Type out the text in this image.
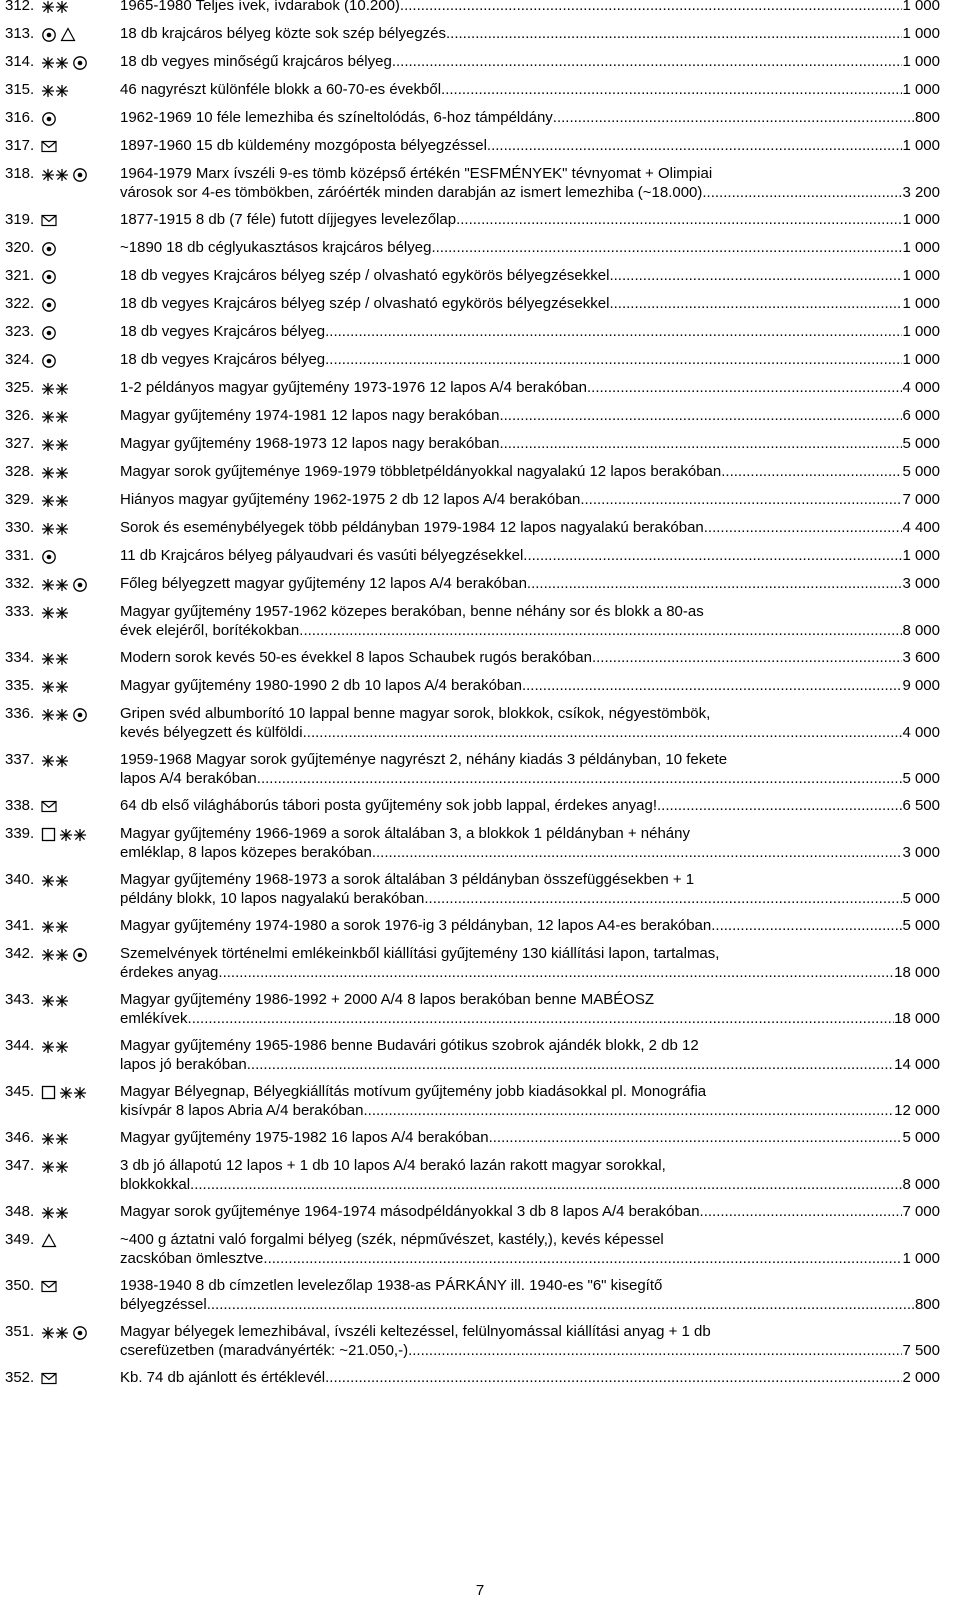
312.	1965-1980 Teljes ívek, ívdarabok (10.200) .....	1 000
313.	18 db krajcáros bélyeg közte sok szép bélyegzés .....	1 000
314.	18 db vegyes minőségű krajcáros bélyeg .....	1 000
315.	46 nagyrészt különféle blokk a 60-70-es évekből .....	1 000
316.	1962-1969 10 féle lemezhiba és színeltolódás, 6-hoz támpéldány .....	800
317.	1897-1960 15 db küldemény mozgóposta bélyegzéssel .....	1 000
318.	1964-1979 Marx ívszéli 9-es tömb középső értékén "ESFMÉNYEK" tévnyomat + Olimpiai
városok sor 4-es tömbökben, záróérték minden darabján az ismert lemezhiba (~18.000) .....	3 200
319.	1877-1915 8 db (7 féle) futott díjjegyes levelezőlap .....	1 000
320.	~1890 18 db céglyukasztásos krajcáros bélyeg .....	1 000
321.	18 db vegyes Krajcáros bélyeg szép / olvasható egykörös bélyegzésekkel .....	1 000
322.	18 db vegyes Krajcáros bélyeg szép / olvasható egykörös bélyegzésekkel .....	1 000
323.	18 db vegyes Krajcáros bélyeg .....	1 000
324.	18 db vegyes Krajcáros bélyeg .....	1 000
325.	1-2 példányos magyar gyűjtemény 1973-1976 12 lapos A/4 berakóban .....	4 000
326.	Magyar gyűjtemény 1974-1981 12 lapos nagy berakóban .....	6 000
327.	Magyar gyűjtemény 1968-1973 12 lapos nagy berakóban .....	5 000
328.	Magyar sorok gyűjteménye 1969-1979 többletpéldányokkal nagyalakú 12 lapos berakóban .....	5 000
329.	Hiányos magyar gyűjtemény 1962-1975 2 db 12 lapos A/4 berakóban .....	7 000
330.	Sorok és eseménybélyegek több példányban 1979-1984 12 lapos nagyalakú berakóban .....	4 400
331.	11 db Krajcáros bélyeg pályaudvari és vasúti bélyegzésekkel .....	1 000
332.	Főleg bélyegzett magyar gyűjtemény 12 lapos A/4 berakóban .....	3 000
333.	Magyar gyűjtemény 1957-1962 közepes berakóban, benne néhány sor és blokk a 80-as
évek elejéről, borítékokban .....	8 000
334.	Modern sorok kevés 50-es évekkel 8 lapos Schaubek rugós berakóban .....	3 600
335.	Magyar gyűjtemény 1980-1990 2 db 10 lapos A/4 berakóban .....	9 000
336.	Gripen svéd albumborító 10 lappal benne magyar sorok, blokkok, csíkok, négyestömbök,
kevés bélyegzett és külföldi .....	4 000
337.	1959-1968 Magyar sorok gyűjteménye nagyrészt 2, néhány kiadás 3 példányban, 10 fekete
lapos A/4 berakóban .....	5 000
338.	64 db első világháborús tábori posta gyűjtemény sok jobb lappal, érdekes anyag! .....	6 500
339.	Magyar gyűjtemény 1966-1969 a sorok általában 3, a blokkok 1 példányban + néhány
emléklap, 8 lapos közepes berakóban .....	3 000
340.	Magyar gyűjtemény 1968-1973 a sorok általában 3 példányban összefüggésekben + 1
példány blokk, 10 lapos nagyalakú berakóban .....	5 000
341.	Magyar gyűjtemény 1974-1980 a sorok 1976-ig 3 példányban, 12 lapos A4-es berakóban .....	5 000
342.	Szemelvények történelmi emlékeinkből kiállítási gyűjtemény 130 kiállítási lapon, tartalmas,
érdekes anyag .....	18 000
343.	Magyar gyűjtemény 1986-1992 + 2000 A/4 8 lapos berakóban benne MABÉOSZ
emlékívek .....	18 000
344.	Magyar gyűjtemény 1965-1986 benne Budavári gótikus szobrok ajándék blokk, 2 db 12
lapos jó berakóban .....	14 000
345.	Magyar Bélyegnap, Bélyegkiállítás motívum gyűjtemény jobb kiadásokkal pl. Monográfia
kisívpár 8 lapos Abria A/4 berakóban .....	12 000
346.	Magyar gyűjtemény 1975-1982 16 lapos A/4 berakóban .....	5 000
347.	3 db jó állapotú 12 lapos + 1 db 10 lapos A/4 berakó lazán rakott magyar sorokkal,
blokkokkal .....	8 000
348.	Magyar sorok gyűjteménye 1964-1974 másodpéldányokkal 3 db 8 lapos A/4 berakóban .....	7 000
349.	~400 g áztatni való forgalmi bélyeg (szék, népművészet, kastély,), kevés képessel
zacskóban ömlesztve .....	1 000
350.	1938-1940 8 db címzetlen levelezőlap 1938-as PÁRKÁNY ill. 1940-es "6" kisegítő
bélyegzéssel .....	800
351.	Magyar bélyegek lemezhibával, ívszéli keltezéssel, felülnyomással kiállítási anyag + 1 db
cserefüzetben (maradványérték: ~21.050,-) .....	7 500
352.	Kb. 74 db ajánlott és értéklevél .....	2 000
7
